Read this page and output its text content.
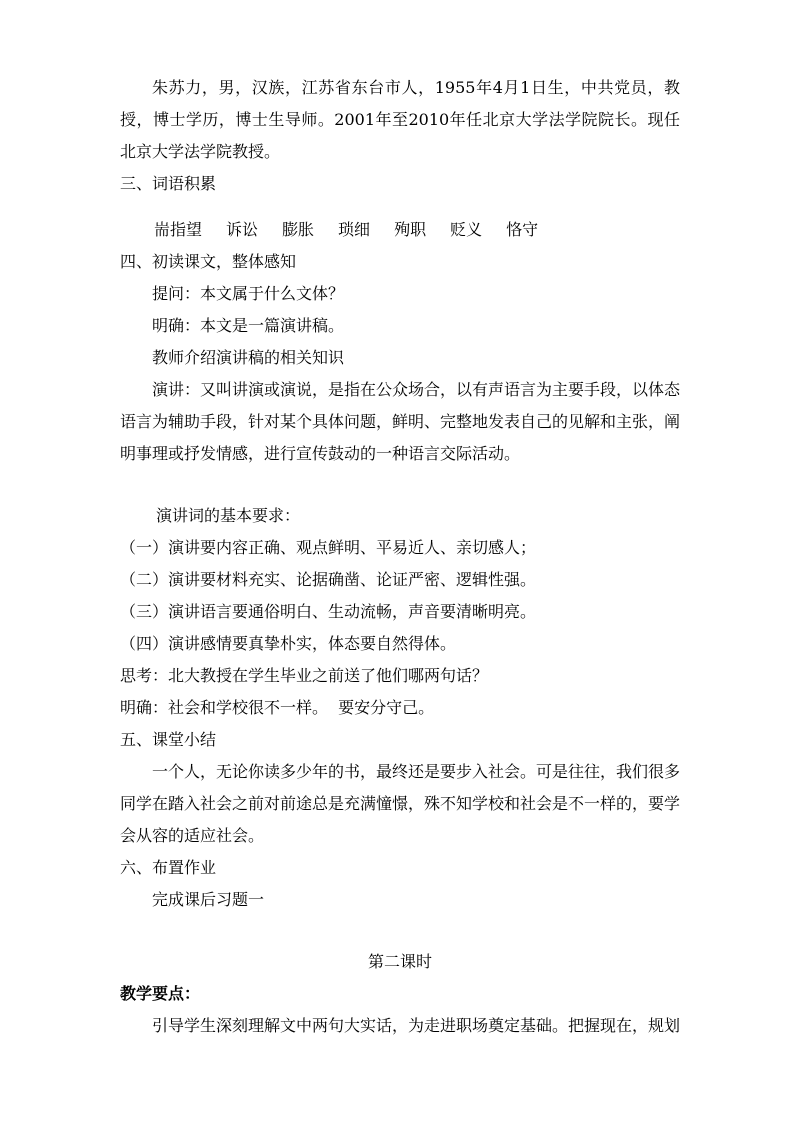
朱苏力，男，汉族，江苏省东台市人，1955年4月1日生，中共党员，教授，博士学历，博士生导师。2001年至2010年任北京大学法学院院长。现任北京大学法学院教授。

三、词语积累

耑指望 诉讼 膨胀 琐细 殉职 贬义 恪守

四、初读课文，整体感知

提问：本文属于什么文体？

明确：本文是一篇演讲稿。

教师介绍演讲稿的相关知识

演讲：又叫讲演或演说，是指在公众场合，以有声语言为主要手段，以体态语言为辅助手段，针对某个具体问题，鲜明、完整地发表自己的见解和主张，阐明事理或抒发情感，进行宣传鼓动的一种语言交际活动。

演讲词的基本要求：

（一）演讲要内容正确、观点鲜明、平易近人、亲切感人；

（二）演讲要材料充实、论据确凿、论证严密、逻辑性强。

（三）演讲语言要通俗明白、生动流畅，声音要清晰明亮。

（四）演讲感情要真挚朴实，体态要自然得体。

思考：北大教授在学生毕业之前送了他们哪两句话？

明确：社会和学校很不一样。  要安分守己。

五、课堂小结

一个人，无论你读多少年的书，最终还是要步入社会。可是往往，我们很多同学在踏入社会之前对前途总是充满憧憬，殊不知学校和社会是不一样的，要学会从容的适应社会。

六、布置作业

完成课后习题一

第二课时

教学要点：

引导学生深刻理解文中两句大实话，为走进职场奠定基础。把握现在，规划
